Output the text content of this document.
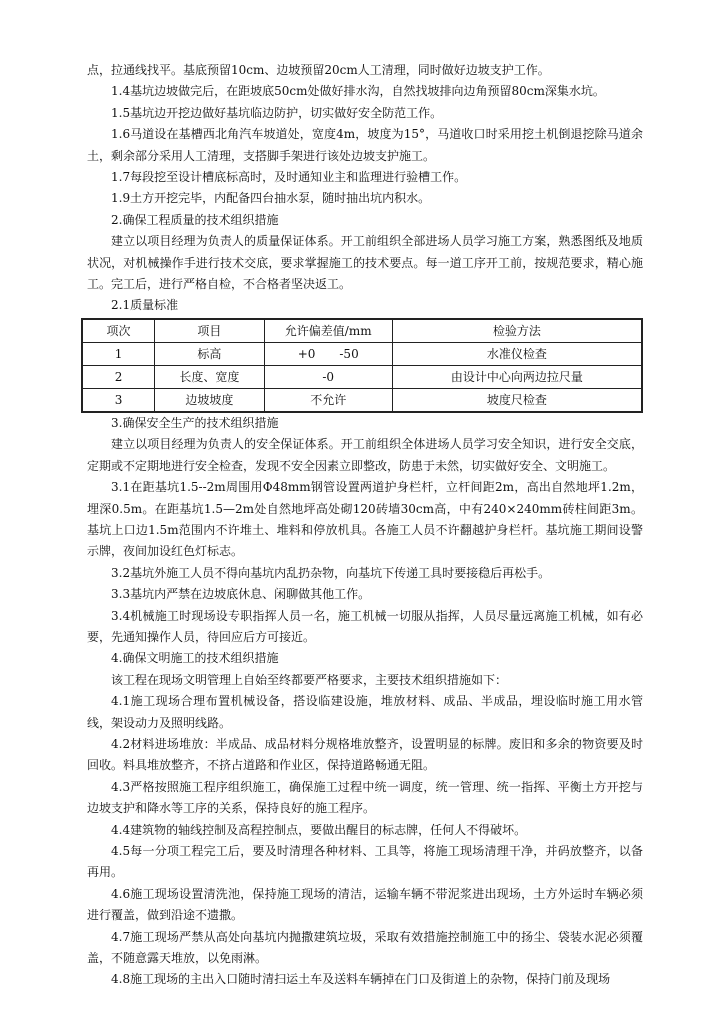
点，拉通线找平。基底预留10cm、边坡预留20cm人工清理，同时做好边坡支护工作。

1.4基坑边坡做完后，在距坡底50cm处做好排水沟，自然找坡排向边角预留80cm深集水坑。

1.5基坑边开挖边做好基坑临边防护，切实做好安全防范工作。

1.6马道设在基槽西北角汽车坡道处，宽度4m，坡度为15°，马道收口时采用挖土机倒退挖除马道余土，剩余部分采用人工清理，支搭脚手架进行该处边坡支护施工。

1.7每段挖至设计槽底标高时，及时通知业主和监理进行验槽工作。

1.9土方开挖完毕，内配备四台抽水泵，随时抽出坑内积水。

2.确保工程质量的技术组织措施

建立以项目经理为负责人的质量保证体系。开工前组织全部进场人员学习施工方案，熟悉图纸及地质状况，对机械操作手进行技术交底，要求掌握施工的技术要点。每一道工序开工前，按规范要求，精心施工。完工后，进行严格自检，不合格者坚决返工。

2.1质量标准

项次	项目	允许偏差值/mm	检验方法
1	标高	+0　　-50	水准仪检查
2	长度、宽度	-0	由设计中心向两边拉尺量
3	边坡坡度	不允许	坡度尺检查

3.确保安全生产的技术组织措施

建立以项目经理为负责人的安全保证体系。开工前组织全体进场人员学习安全知识，进行安全交底，定期或不定期地进行安全检查，发现不安全因素立即整改，防患于未然，切实做好安全、文明施工。

3.1在距基坑1.5--2m周围用Φ48mm钢管设置两道护身栏杆，立杆间距2m，高出自然地坪1.2m，埋深0.5m。在距基坑1.5—2m处自然地坪高处砌120砖墙30cm高，中有240×240mm砖柱间距3m。基坑上口边1.5m范围内不许堆土、堆料和停放机具。各施工人员不许翻越护身栏杆。基坑施工期间设警示牌，夜间加设红色灯标志。

3.2基坑外施工人员不得向基坑内乱扔杂物，向基坑下传递工具时要接稳后再松手。

3.3基坑内严禁在边坡底休息、闲聊做其他工作。

3.4机械施工时现场设专职指挥人员一名，施工机械一切服从指挥，人员尽量远离施工机械，如有必要，先通知操作人员，待回应后方可接近。

4.确保文明施工的技术组织措施

该工程在现场文明管理上自始至终都要严格要求，主要技术组织措施如下：

4.1施工现场合理布置机械设备，搭设临建设施，堆放材料、成品、半成品，埋设临时施工用水管线，架设动力及照明线路。

4.2材料进场堆放：半成品、成品材料分规格堆放整齐，设置明显的标牌。废旧和多余的物资要及时回收。料具堆放整齐，不挤占道路和作业区，保持道路畅通无阻。

4.3严格按照施工程序组织施工，确保施工过程中统一调度，统一管理、统一指挥、平衡土方开挖与边坡支护和降水等工序的关系，保持良好的施工程序。

4.4建筑物的轴线控制及高程控制点，要做出醒目的标志牌，任何人不得破坏。

4.5每一分项工程完工后，要及时清理各种材料、工具等，将施工现场清理干净，并码放整齐，以备再用。

4.6施工现场设置清洗池，保持施工现场的清洁，运输车辆不带泥浆进出现场，土方外运时车辆必须进行覆盖，做到沿途不遗撒。

4.7施工现场严禁从高处向基坑内抛撒建筑垃圾，采取有效措施控制施工中的扬尘、袋装水泥必须覆盖，不随意露天堆放，以免雨淋。

4.8施工现场的主出入口随时清扫运土车及送料车辆掉在门口及街道上的杂物，保持门前及现场
